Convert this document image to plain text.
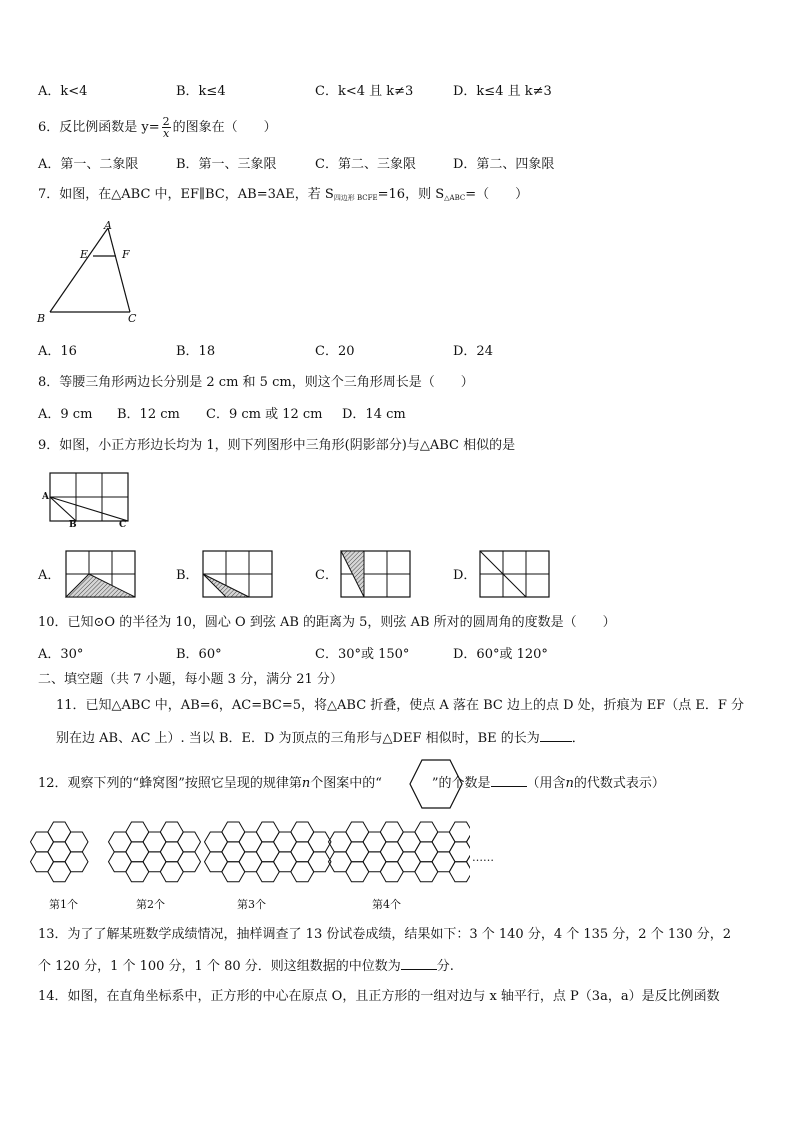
A．k<4	B．k≤4	C．k<4 且 k≠3	D．k≤4 且 k≠3
6．反比例函数是 $y= \frac{2}{x}$ 的图象在（　　）
A．第一、二象限	B．第一、三象限	C．第二、三象限	D．第二、四象限
7．如图，在△ABC 中，EF∥BC，AB=3AE，若 $S_{四边形 BCFE}=16$，则 $S_{\triangle ABC}=$（　　）
A
E	F
B	C
A．16	B．18	C．20	D．24
8．等腰三角形两边长分别是 2 cm 和 5 cm，则这个三角形周长是（　　）
A．9 cm B．12 cm C．9 cm 或 12 cm D．14 cm
9．如图，小正方形边长均为 1，则下列图形中三角形(阴影部分)与△ABC 相似的是
A
B	C
A．	B．	C．	D．
10．已知⊙O 的半径为 10，圆心 O 到弦 AB 的距离为 5，则弦 AB 所对的圆周角的度数是（　　）
A．30°	B．60°	C．30°或 150°	D．60°或 120°
二、填空题（共 7 小题，每小题 3 分，满分 21 分）
11．已知△ABC 中，AB=6，AC=BC=5，将△ABC 折叠，使点 A 落在 BC 边上的点 D 处，折痕为 EF（点 E．F 分
别在边 AB、AC 上）. 当以 B．E．D 为顶点的三角形与△DEF 相似时，BE 的长为 ．
12．观察下列的“蜂窝图”按照它呈现的规律第n个图案中的“	”的个数是	（用含n的代数式表示）
第1个	第2个	第3个	第4个
……
13．为了了解某班数学成绩情况，抽样调查了 13 份试卷成绩，结果如下：3 个 140 分，4 个 135 分，2 个 130 分，2
个 120 分，1 个 100 分，1 个 80 分．则这组数据的中位数为	分.
14．如图，在直角坐标系中，正方形的中心在原点 O，且正方形的一组对边与 x 轴平行，点 P（3a，a）是反比例函数
